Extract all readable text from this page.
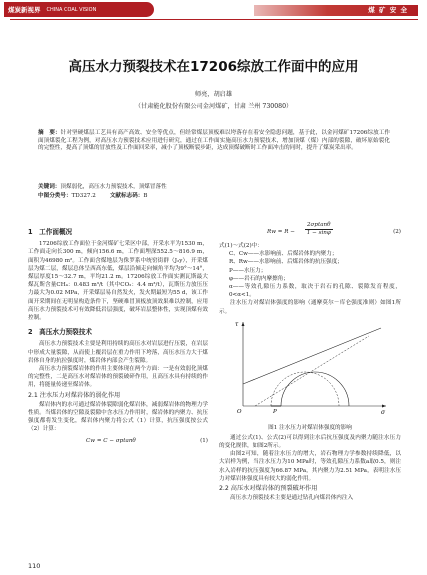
煤炭新视界 CHINA COAL VISION	煤 矿 安 全
高压水力预裂技术在17206综放工作面中的应用
师亮，胡启雄
（甘肃能化股份有限公司金河煤矿，甘肃 兰州 730080）
摘　要：针对坚硬煤层工艺具有高产高效、安全等优点，但经常煤层顶板难以垮落存在着安全隐患问题，基于此，以金河煤矿17206综放工作面顶煤裂化工程为例，对高压水力预裂技术应用进行研究，通过在工作面实施高压水力预裂技术，增加顶煤（煤）内部的裂隙，破坏原始裂化的完整性，提高了顶煤的冒放性及工作面回采率，减小了顶板断裂步距，达成顶煤破断时工作面冲击的同时，提升了煤炭采出率。
关键词：顶煤弱化，高压水力预裂技术，顶煤冒落性
中图分类号：TD327.2	文献标志码：B

1　工作面概况

17206综放工作面位于金河煤矿七采区中部，开采水平为1530 m，工作面走向长300 m，倾向156.6 m，工作面埋深552.5～816.9 m，面积为46980 m²。工作面含煤地层为侏罗系中统窑街群（J₂y），开采煤层为煤二层，煤层总体呈西高东低，煤层沿倾走向倾角平均为9°～14°，煤层厚度15～32.7 m，平均21.2 m。17206综放工作面实测瓦斯最大煤瓦斯含量CH₄：0.483 m³/t（其中CO₂：4.4 m³/t），瓦斯压力放压压力最大为0.02 MPa，开采煤层易自然发火，发火期最短为55 d，该工作面开采期间在无明显构造条件下，坚硬难冒顶板放顶效果难以控制，应用高压水力预裂技术可有效降低岩层强度，破坏岩层整体性，实现顶煤有效控制。

2　高压水力预裂技术

高压水力预裂技术主要是利用持续的高压水对岩层进行压裂，在岩层中形成大量裂隙，从而使上覆岩层在重力作用下垮落，高压水压力大于煤岩体自身的抗拉强度时，煤岩体内部会产生裂隙。

高压水力预裂煤岩体的作用主要体现在两个方面：一是有效弱化顶煤的完整性，二是高压水对煤岩体的预裂破碎作用，且高压水具有持续的作用，将能量传递至煤岩体。

2.1 注水压力对煤岩体的弱化作用

煤岩体内的水可通过煤岩体裂隙弱化煤岩体，减弱煤岩体的物理力学性质。当煤岩体的空隙及裂隙中含水压力作用时，煤岩体的内聚力、抗压强度都将发生变化，煤岩体内聚力将公式（1）计算，抗压强度按公式（2）计算：

Cw = C − σptanθ	(1)
$Rw = R - \frac{2\sigma ptan\theta}{1 - \sin\varphi}$	(2)

式(1)～式(2)中：

C、Cw——水影响前、后煤岩体的内聚力；

R、Rw——水影响前、后煤岩体的抗压强度；

P——水压力；

φ——岩石的内摩擦角；

α——等效孔隙压力系数，取决于岩石的孔隙、裂隙发育程度，0<α<1。

注水压力对煤岩体强度的影响（通摩莫尔－库仑强度准则）如图1所示。

通过公式(1)、公式(2)可以得到注水后抗压强度及内聚力随注水压力的变化规律，如图2所示。

由图2可知，随着注水压力的增大，岩石物理力学参数持续降低，以大岩样为例，当注水压力为10 MPa时，等效孔隙压力系数a取0.5，则注水入岩样的抗压强度为66.87 MPa，其内聚力为2.51 MPa，表明注水压力对煤岩体强度具有较大的弱化作用。

2.2 高压水对煤岩体的预裂破坏作用

高压水力预裂技术主要是通过钻孔向煤岩体内注入

τ
σ
O	P
图1 注水压力对煤岩体强度的影响
110
